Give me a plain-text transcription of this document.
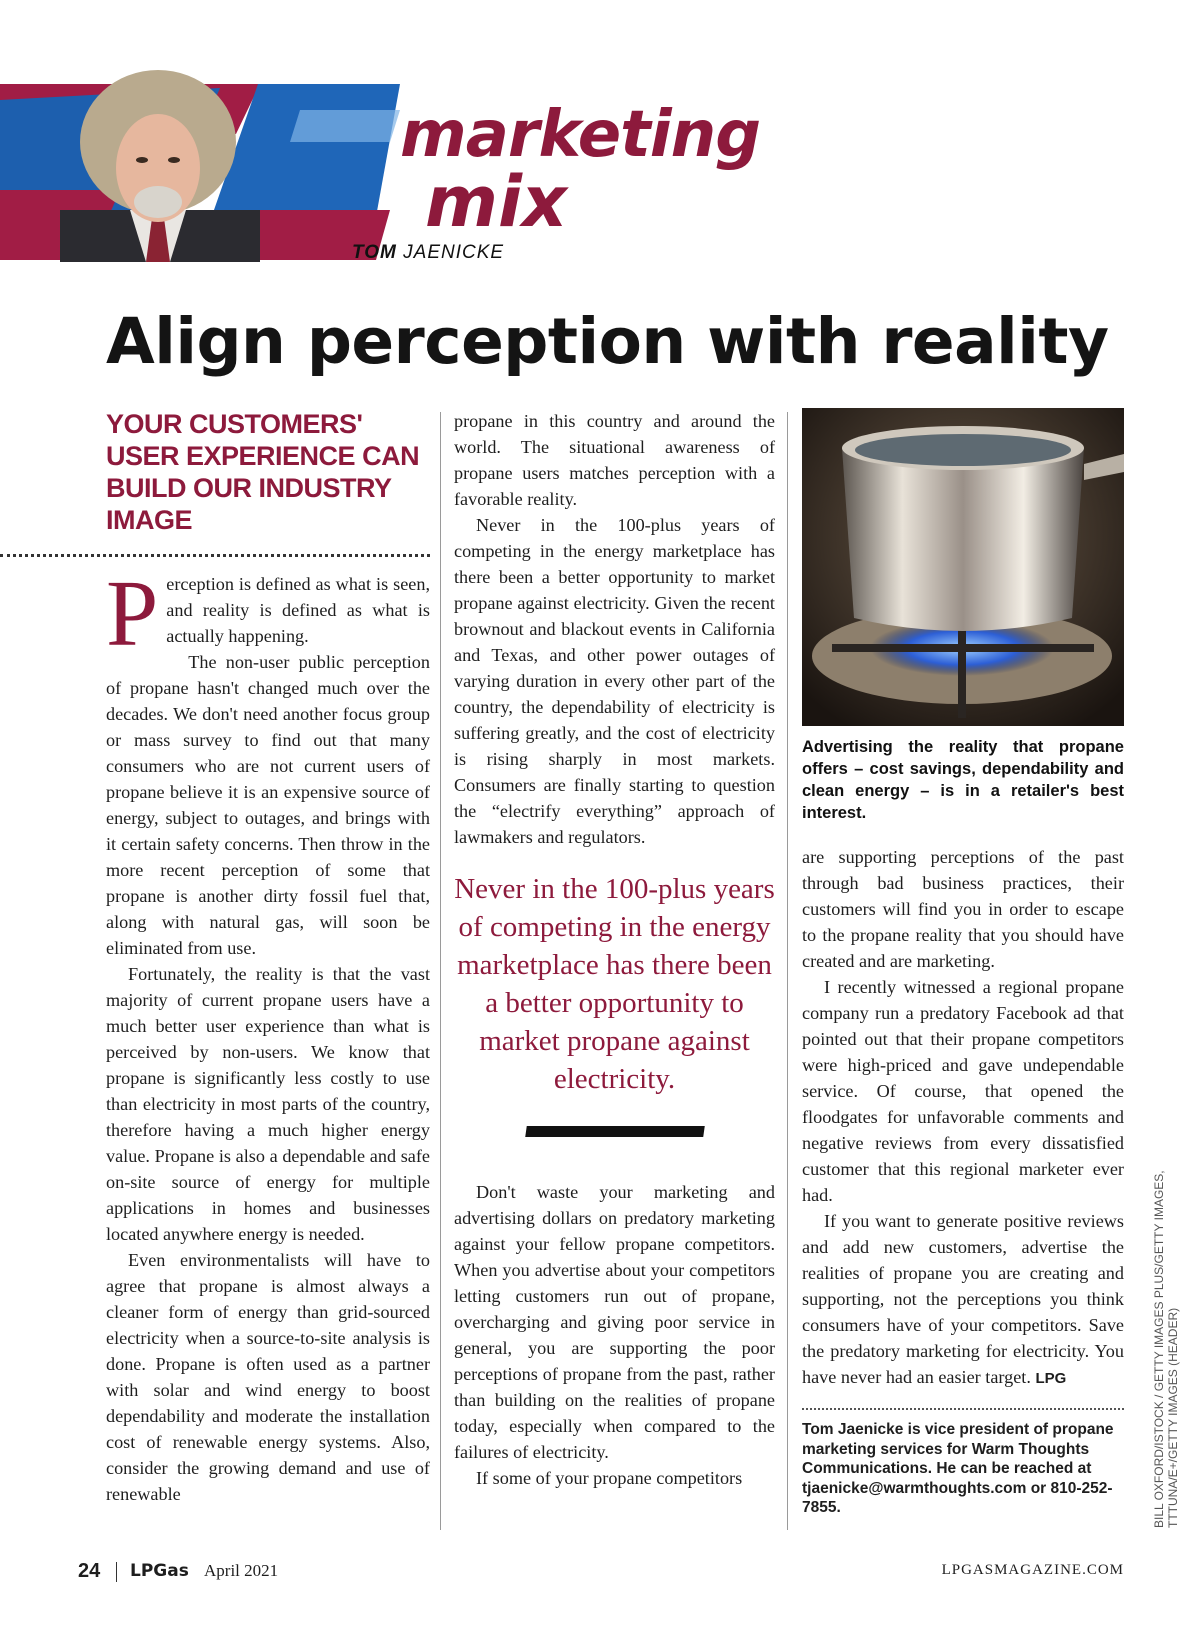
marketing

mix

TOM JAENICKE
Align perception with reality
YOUR CUSTOMERS' USER EXPERIENCE CAN BUILD OUR INDUSTRY IMAGE

Perception is defined as what is seen, and reality is defined as what is actually happening.

The non-user public perception of propane hasn't changed much over the decades. We don't need another focus group or mass survey to find out that many consumers who are not current users of propane believe it is an expensive source of energy, subject to outages, and brings with it certain safety concerns. Then throw in the more recent perception of some that propane is another dirty fossil fuel that, along with natural gas, will soon be eliminated from use.

Fortunately, the reality is that the vast majority of current propane users have a much better user experience than what is perceived by non-users. We know that propane is significantly less costly to use than electricity in most parts of the country, therefore having a much higher energy value. Propane is also a dependable and safe on-site source of energy for multiple applications in homes and businesses located anywhere energy is needed.

Even environmentalists will have to agree that propane is almost always a cleaner form of energy than grid-sourced electricity when a source-to-site analysis is done. Propane is often used as a partner with solar and wind energy to boost dependability and moderate the installation cost of renewable energy systems. Also, consider the growing demand and use of renewable

propane in this country and around the world. The situational awareness of propane users matches perception with a favorable reality.

Never in the 100-plus years of competing in the energy marketplace has there been a better opportunity to market propane against electricity. Given the recent brownout and blackout events in California and Texas, and other power outages of varying duration in every other part of the country, the dependability of electricity is suffering greatly, and the cost of electricity is rising sharply in most markets. Consumers are finally starting to question the “electrify everything” approach of lawmakers and regulators.

Never in the 100-plus years of competing in the energy marketplace has there been a better opportunity to market propane against electricity.

Don't waste your marketing and advertising dollars on predatory marketing against your fellow propane competitors. When you advertise about your competitors letting customers run out of propane, overcharging and giving poor service in general, you are supporting the poor perceptions of propane from the past, rather than building on the realities of propane today, especially when compared to the failures of electricity.

If some of your propane competitors

Advertising the reality that propane offers – cost savings, dependability and clean energy – is in a retailer's best interest.

are supporting perceptions of the past through bad business practices, their customers will find you in order to escape to the propane reality that you should have created and are marketing.

I recently witnessed a regional propane company run a predatory Facebook ad that pointed out that their propane competitors were high-priced and gave undependable service. Of course, that opened the floodgates for unfavorable comments and negative reviews from every dissatisfied customer that this regional marketer ever had.

If you want to generate positive reviews and add new customers, advertise the realities of propane you are creating and supporting, not the perceptions you think consumers have of your competitors. Save the predatory marketing for electricity. You have never had an easier target. LPG

Tom Jaenicke is vice president of propane marketing services for Warm Thoughts Communications. He can be reached at tjaenicke@warmthoughts.com or 810-252-7855.	BILL OXFORD/ISTOCK / GETTY IMAGES PLUS/GETTY IMAGES, TTTUNA/E+/GETTY IMAGES (HEADER)
24 LPGas April 2021	LPGASMAGAZINE.COM
